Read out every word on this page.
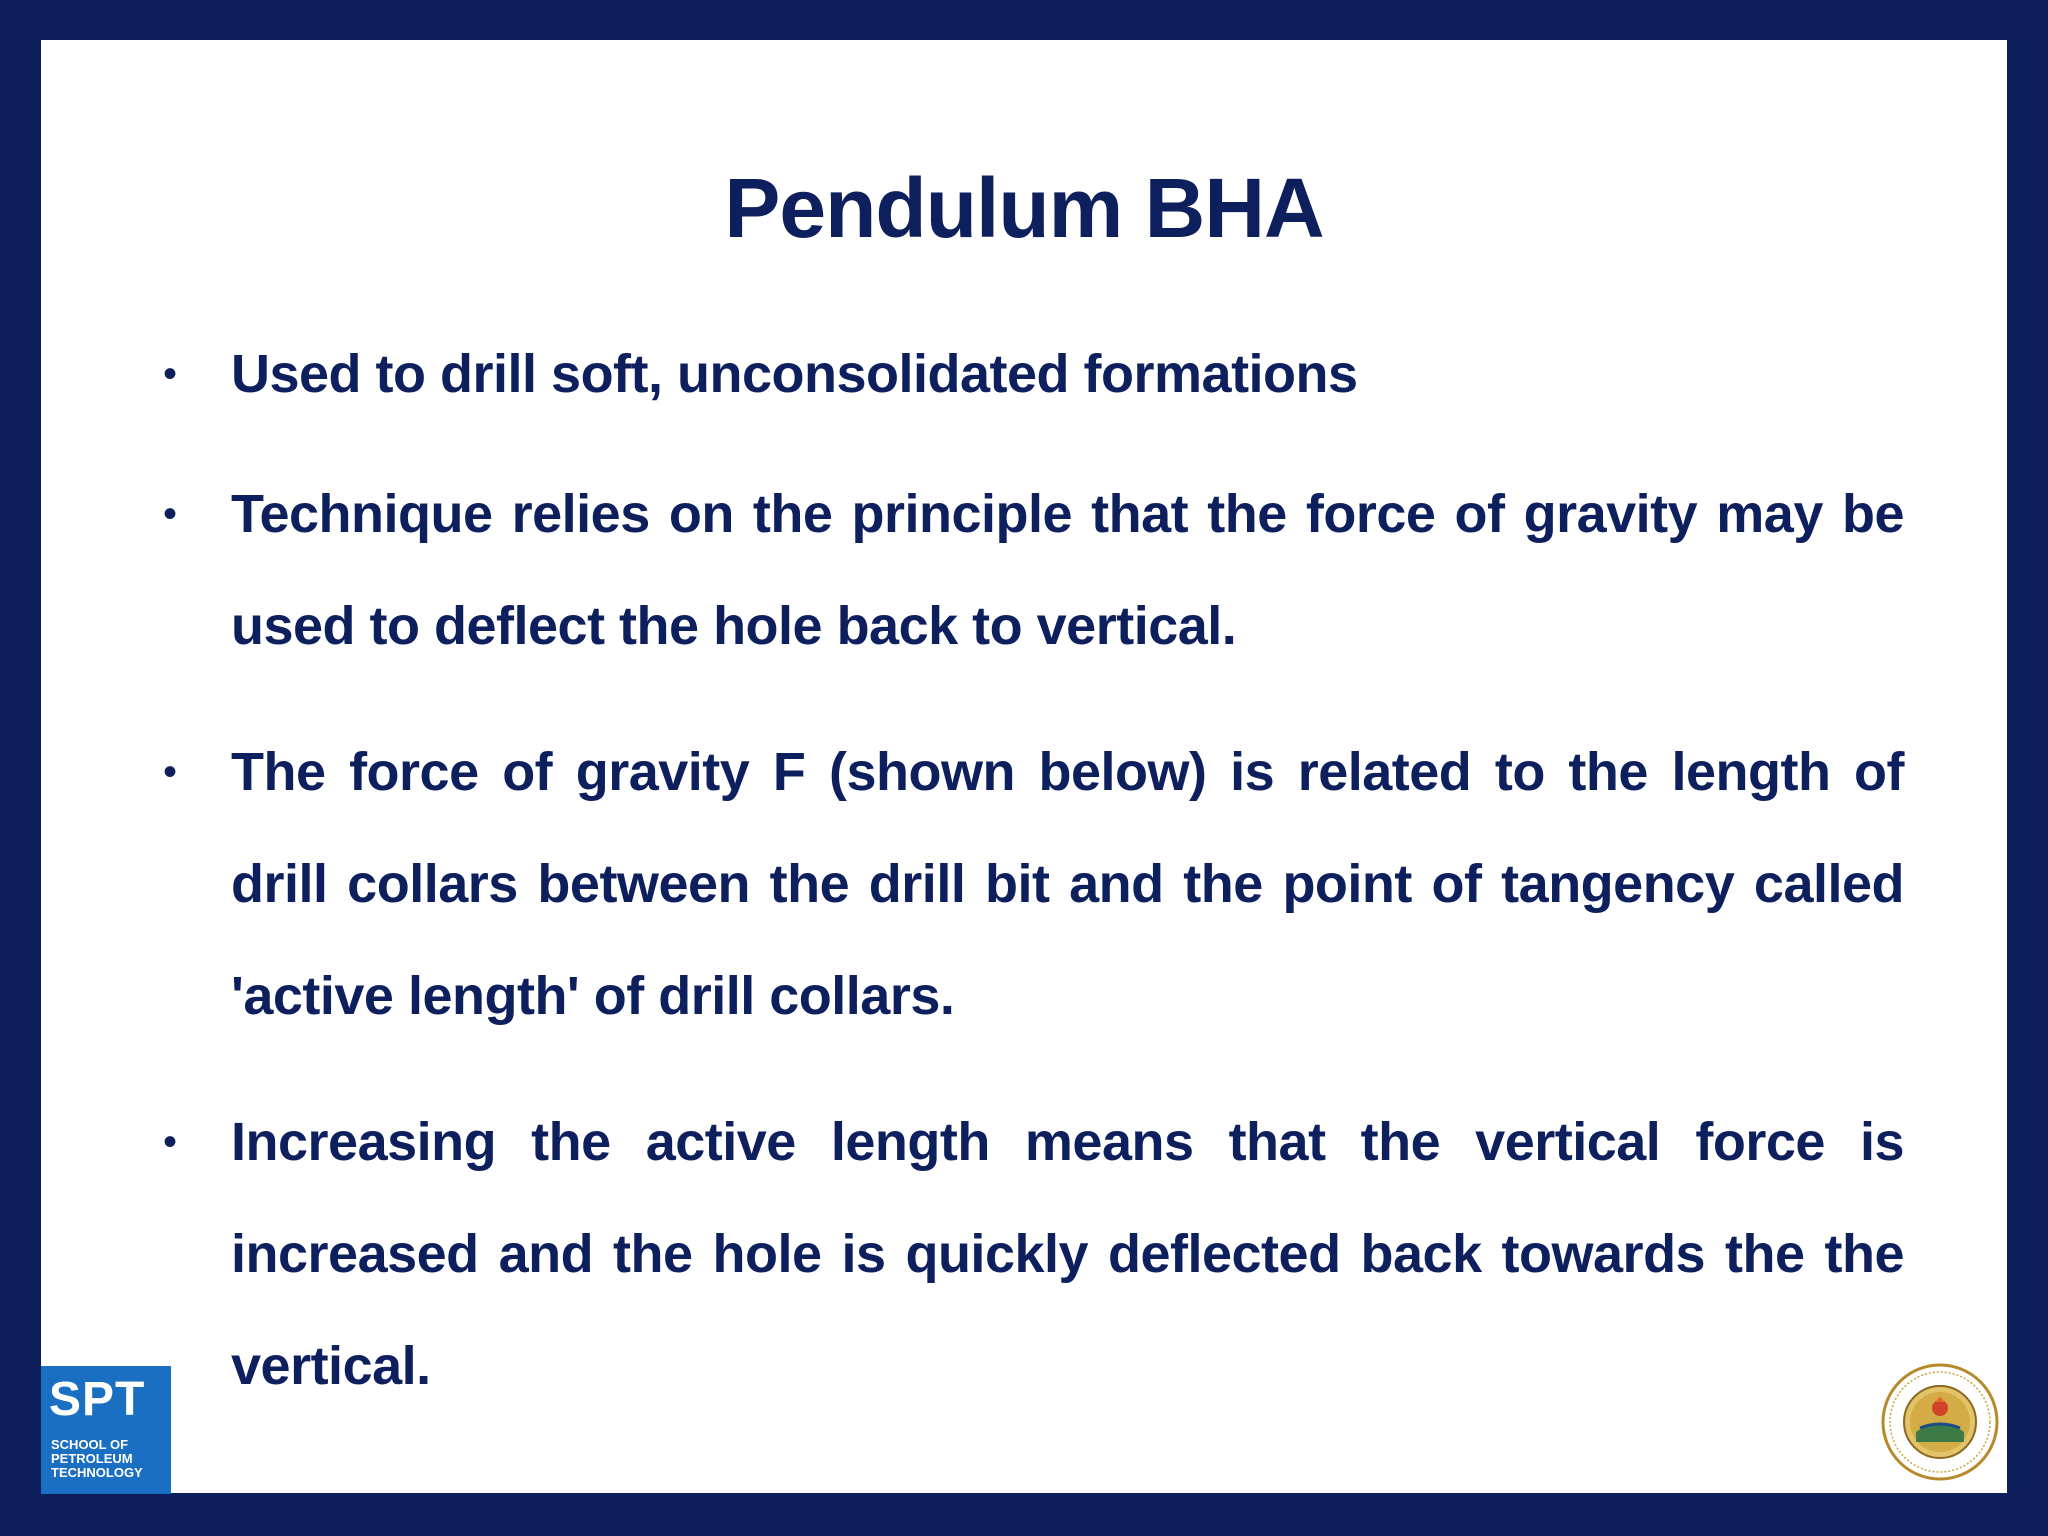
Pendulum BHA
• Used to drill soft, unconsolidated formations
• Technique relies on the principle that the force of gravity may be used to deflect the hole back to vertical.
• The force of gravity F (shown below) is related to the length of drill collars between the drill bit and the point of tangency called 'active length' of drill collars.
• Increasing the active length means that the vertical force is increased and the hole is quickly deflected back towards the the vertical.
SPT
SCHOOL OF
PETROLEUM
TECHNOLOGY
